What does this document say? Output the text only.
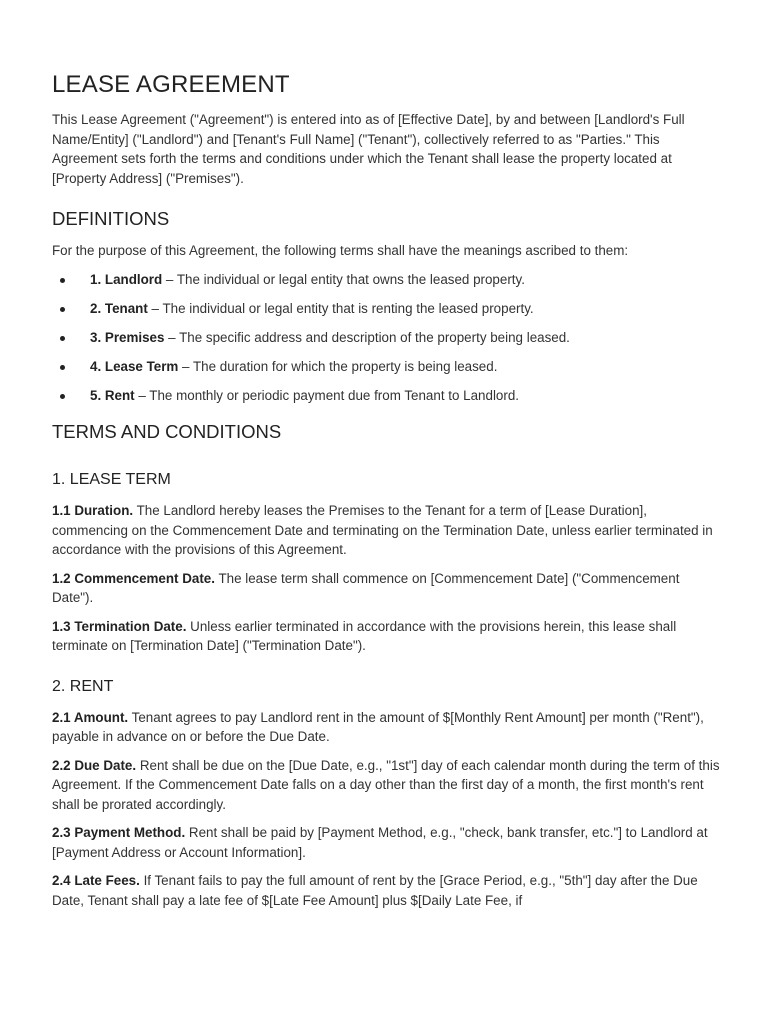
LEASE AGREEMENT

This Lease Agreement ("Agreement") is entered into as of [Effective Date], by and between [Landlord's Full Name/Entity] ("Landlord") and [Tenant's Full Name] ("Tenant"), collectively referred to as "Parties." This Agreement sets forth the terms and conditions under which the Tenant shall lease the property located at [Property Address] ("Premises").

DEFINITIONS

For the purpose of this Agreement, the following terms shall have the meanings ascribed to them:

1. Landlord – The individual or legal entity that owns the leased property.
2. Tenant – The individual or legal entity that is renting the leased property.
3. Premises – The specific address and description of the property being leased.
4. Lease Term – The duration for which the property is being leased.
5. Rent – The monthly or periodic payment due from Tenant to Landlord.
TERMS AND CONDITIONS
1. LEASE TERM

1.1 Duration. The Landlord hereby leases the Premises to the Tenant for a term of [Lease Duration], commencing on the Commencement Date and terminating on the Termination Date, unless earlier terminated in accordance with the provisions of this Agreement.

1.2 Commencement Date. The lease term shall commence on [Commencement Date] ("Commencement Date").

1.3 Termination Date. Unless earlier terminated in accordance with the provisions herein, this lease shall terminate on [Termination Date] ("Termination Date").

2. RENT

2.1 Amount. Tenant agrees to pay Landlord rent in the amount of $[Monthly Rent Amount] per month ("Rent"), payable in advance on or before the Due Date.

2.2 Due Date. Rent shall be due on the [Due Date, e.g., "1st"] day of each calendar month during the term of this Agreement. If the Commencement Date falls on a day other than the first day of a month, the first month's rent shall be prorated accordingly.

2.3 Payment Method. Rent shall be paid by [Payment Method, e.g., "check, bank transfer, etc."] to Landlord at [Payment Address or Account Information].

2.4 Late Fees. If Tenant fails to pay the full amount of rent by the [Grace Period, e.g., "5th"] day after the Due Date, Tenant shall pay a late fee of $[Late Fee Amount] plus $[Daily Late Fee, if
